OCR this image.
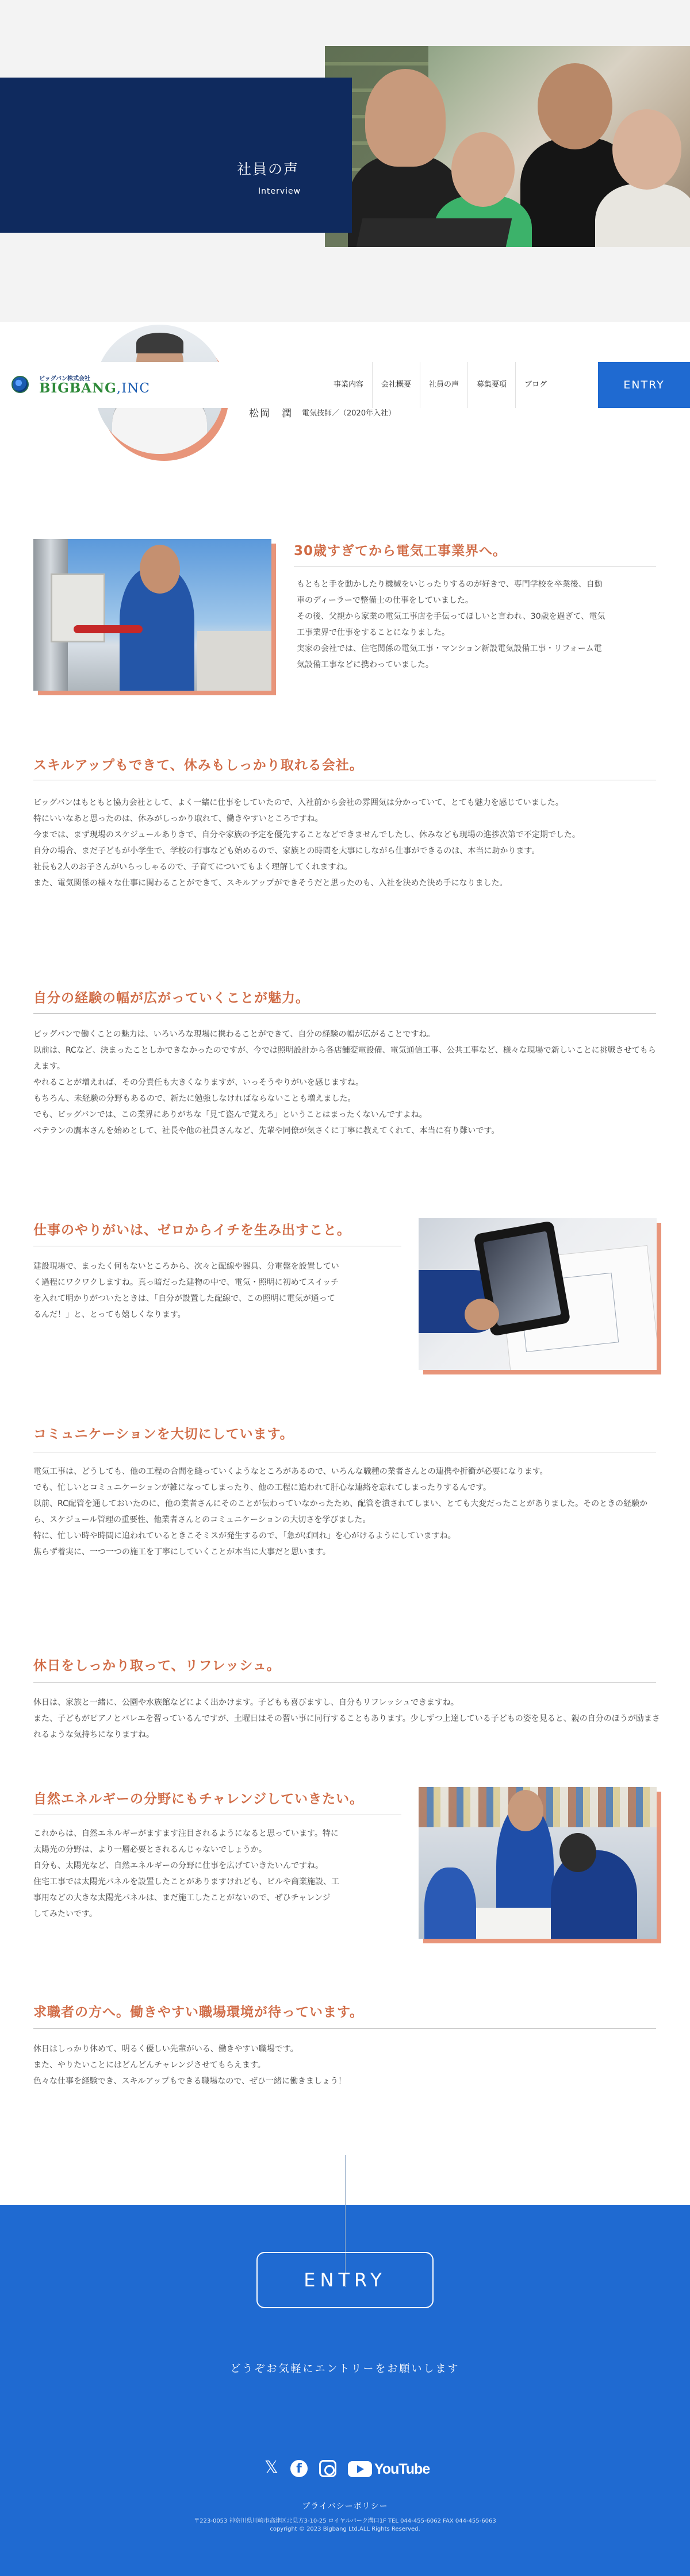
社員の声
Interview
ビッグバン株式会社
BIGBANG,INC	事業内容	会社概要	社員の声	募集要項	ブログ	ENTRY
松岡　潤 電気技師／（2020年入社）
30歳すぎてから電気工事業界へ。

もともと手を動かしたり機械をいじったりするのが好きで、専門学校を卒業後、自動

車のディーラーで整備士の仕事をしていました。

その後、父親から家業の電気工事店を手伝ってほしいと言われ、30歳を過ぎて、電気

工事業界で仕事をすることになりました。

実家の会社では、住宅関係の電気工事・マンション新設電気設備工事・リフォーム電

気設備工事などに携わっていました。

スキルアップもできて、休みもしっかり取れる会社。

ビッグバンはもともと協力会社として、よく一緒に仕事をしていたので、入社前から会社の雰囲気は分かっていて、とても魅力を感じていました。

特にいいなあと思ったのは、休みがしっかり取れて、働きやすいところですね。

今までは、まず現場のスケジュールありきで、自分や家族の予定を優先することなどできませんでしたし、休みなども現場の進捗次第で不定期でした。

自分の場合、まだ子どもが小学生で、学校の行事なども始めるので、家族との時間を大事にしながら仕事ができるのは、本当に助かります。

社長も2人のお子さんがいらっしゃるので、子育てについてもよく理解してくれますね。

また、電気関係の様々な仕事に関わることができて、スキルアップができそうだと思ったのも、入社を決めた決め手になりました。

自分の経験の幅が広がっていくことが魅力。

ビッグバンで働くことの魅力は、いろいろな現場に携わることができて、自分の経験の幅が広がることですね。

以前は、RCなど、決まったことしかできなかったのですが、今では照明設計から各店舗変電設備、電気通信工事、公共工事など、様々な現場で新しいことに挑戦させてもらえます。

やれることが増えれば、その分責任も大きくなりますが、いっそうやりがいを感じますね。

もちろん、未経験の分野もあるので、新たに勉強しなければならないことも増えました。

でも、ビッグバンでは、この業界にありがちな「見て盗んで覚えろ」ということはまったくないんですよね。

ベテランの鷹本さんを始めとして、社長や他の社員さんなど、先輩や同僚が気さくに丁寧に教えてくれて、本当に有り難いです。

仕事のやりがいは、ゼロからイチを生み出すこと。

建設現場で、まったく何もないところから、次々と配線や器具、分電盤を設置してい

く過程にワクワクしますね。真っ暗だった建物の中で、電気・照明に初めてスイッチ

を入れて明かりがついたときは、「自分が設置した配線で、この照明に電気が通って

るんだ！」と、とっても嬉しくなります。

コミュニケーションを大切にしています。

電気工事は、どうしても、他の工程の合間を縫っていくようなところがあるので、いろんな職種の業者さんとの連携や折衝が必要になります。

でも、忙しいとコミュニケーションが雑になってしまったり、他の工程に追われて肝心な連絡を忘れてしまったりするんです。

以前、RC配管を通しておいたのに、他の業者さんにそのことが伝わっていなかったため、配管を潰されてしまい、とても大変だったことがありました。そのときの経験から、スケジュール管理の重要性、他業者さんとのコミュニケーションの大切さを学びました。

特に、忙しい時や時間に追われているときこそミスが発生するので、「急がば回れ」を心がけるようにしていますね。

焦らず着実に、一つ一つの施工を丁寧にしていくことが本当に大事だと思います。

休日をしっかり取って、リフレッシュ。

休日は、家族と一緒に、公園や水族館などによく出かけます。子どもも喜びますし、自分もリフレッシュできますね。

また、子どもがピアノとバレエを習っているんですが、土曜日はその習い事に同行することもあります。少しずつ上達している子どもの姿を見ると、親の自分のほうが励まされるような気持ちになりますね。

自然エネルギーの分野にもチャレンジしていきたい。

これからは、自然エネルギーがますます注目されるようになると思っています。特に

太陽光の分野は、より一層必要とされるんじゃないでしょうか。

自分も、太陽光など、自然エネルギーの分野に仕事を広げていきたいんですね。

住宅工事では太陽光パネルを設置したことがありますけれども、ビルや商業施設、工

事用などの大きな太陽光パネルは、まだ施工したことがないので、ぜひチャレンジ

してみたいです。

求職者の方へ。働きやすい職場環境が待っています。

休日はしっかり休めて、明るく優しい先輩がいる、働きやすい職場です。

また、やりたいことにはどんどんチャレンジさせてもらえます。

色々な仕事を経験でき、スキルアップもできる職場なので、ぜひ一緒に働きましょう！

ENTRY
どうぞお気軽にエントリーをお願いします
𝕏	f	YouTube
プライバシーポリシー
〒223-0053 神奈川県川崎市高津区北見方3-10-25 ロイヤルパーク溝口1F TEL 044-455-6062 FAX 044-455-6063
copyright © 2023 Bigbang Ltd.ALL Rights Reserved.
